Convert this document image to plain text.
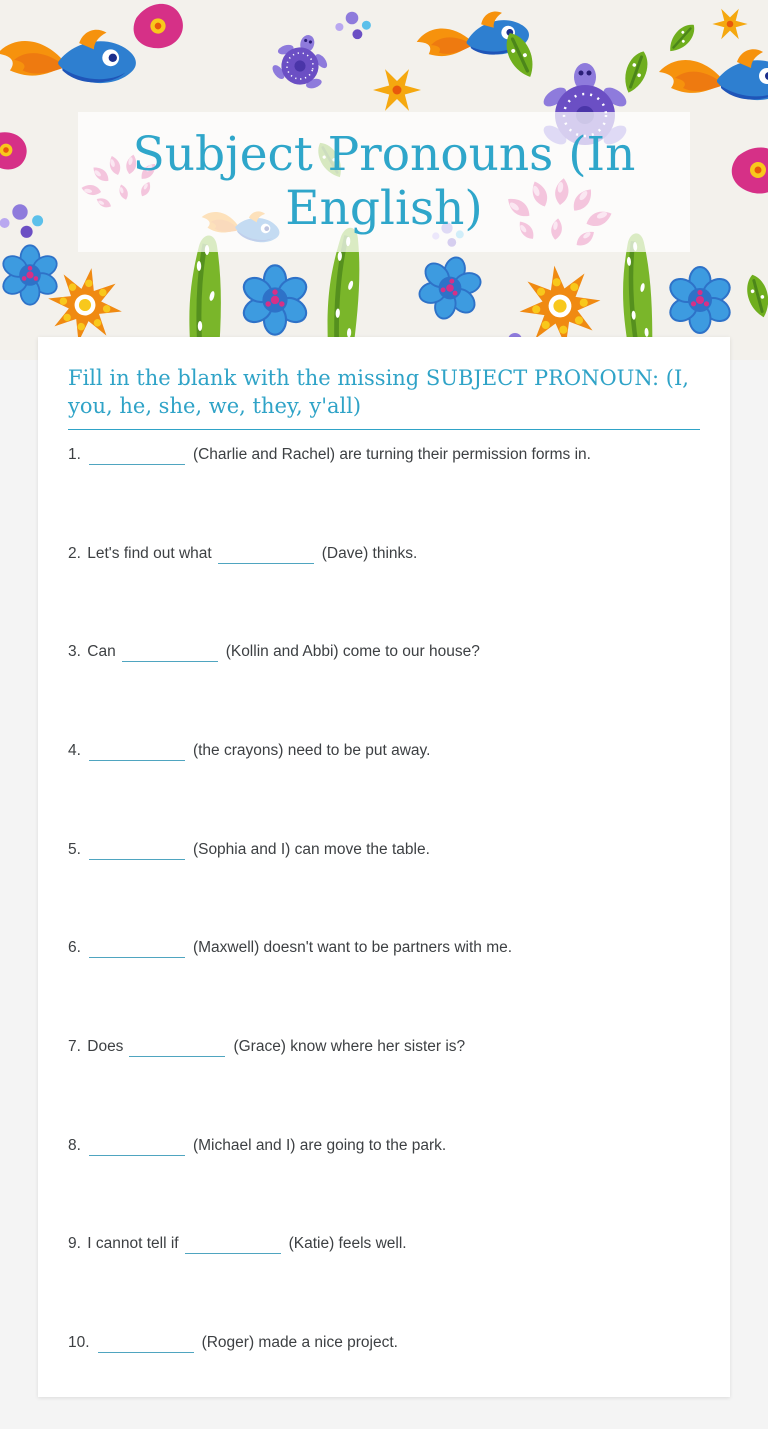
Subject Pronouns (In English)
Fill in the blank with the missing SUBJECT PRONOUN: (I, you, he, she, we, they, y'all)
1.	(Charlie and Rachel) are turning their permission forms in.
2. Let's find out what	(Dave) thinks.
3. Can	(Kollin and Abbi) come to our house?
4.	(the crayons) need to be put away.
5.	(Sophia and I) can move the table.
6.	(Maxwell) doesn't want to be partners with me.
7. Does	(Grace) know where her sister is?
8.	(Michael and I) are going to the park.
9. I cannot tell if	(Katie) feels well.
10.	(Roger) made a nice project.
